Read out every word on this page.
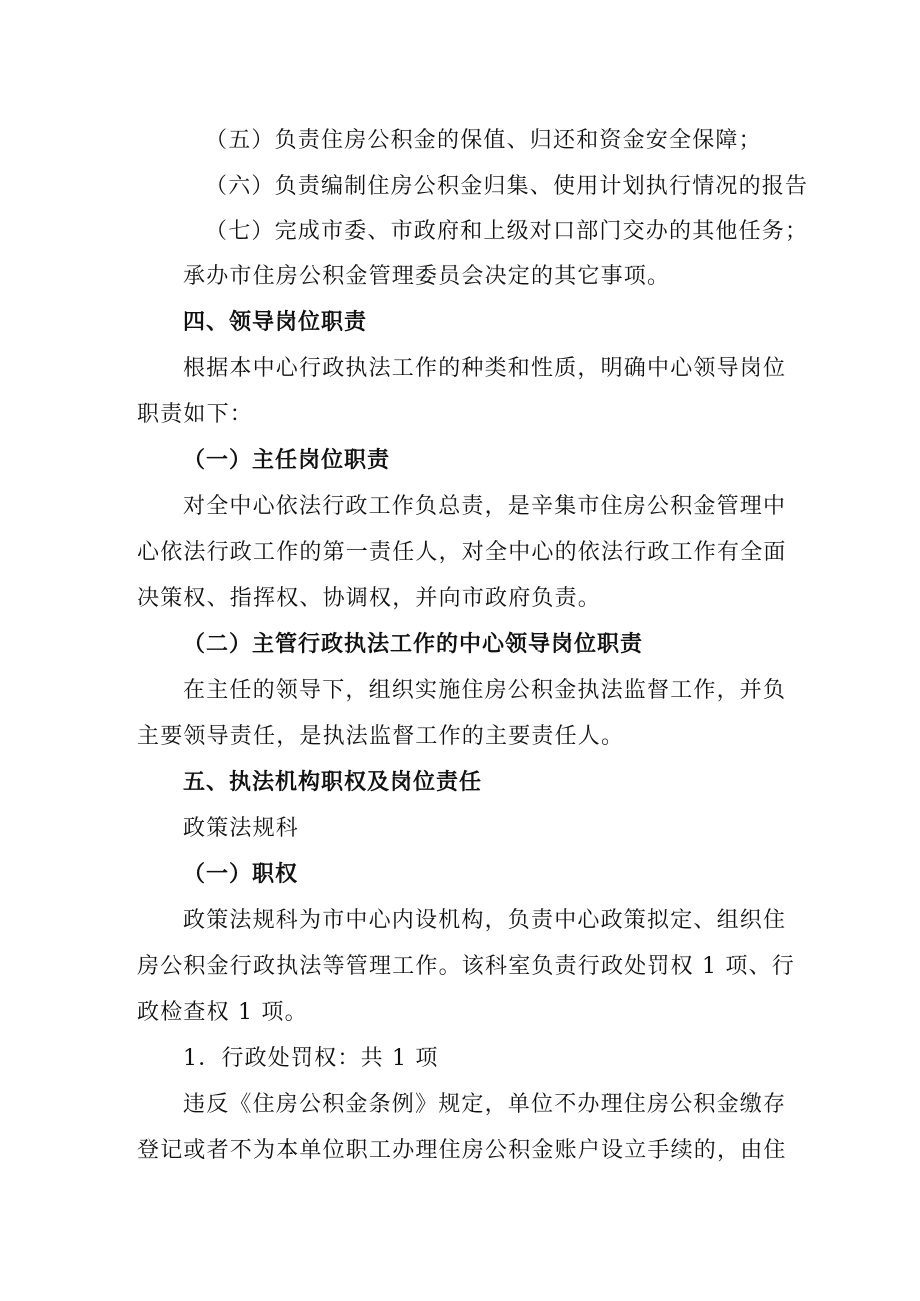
（五）负责住房公积金的保值、归还和资金安全保障；
（六）负责编制住房公积金归集、使用计划执行情况的报告
（七）完成市委、市政府和上级对口部门交办的其他任务；
承办市住房公积金管理委员会决定的其它事项。
四、领导岗位职责
根据本中心行政执法工作的种类和性质，明确中心领导岗位
职责如下：
（一）主任岗位职责
对全中心依法行政工作负总责，是辛集市住房公积金管理中
心依法行政工作的第一责任人，对全中心的依法行政工作有全面
决策权、指挥权、协调权，并向市政府负责。
（二）主管行政执法工作的中心领导岗位职责
在主任的领导下，组织实施住房公积金执法监督工作，并负
主要领导责任，是执法监督工作的主要责任人。
五、执法机构职权及岗位责任
政策法规科
（一）职权
政策法规科为市中心内设机构，负责中心政策拟定、组织住
房公积金行政执法等管理工作。该科室负责行政处罚权 1 项、行
政检查权 1 项。
1．行政处罚权：共 1 项
违反《住房公积金条例》规定，单位不办理住房公积金缴存
登记或者不为本单位职工办理住房公积金账户设立手续的，由住
